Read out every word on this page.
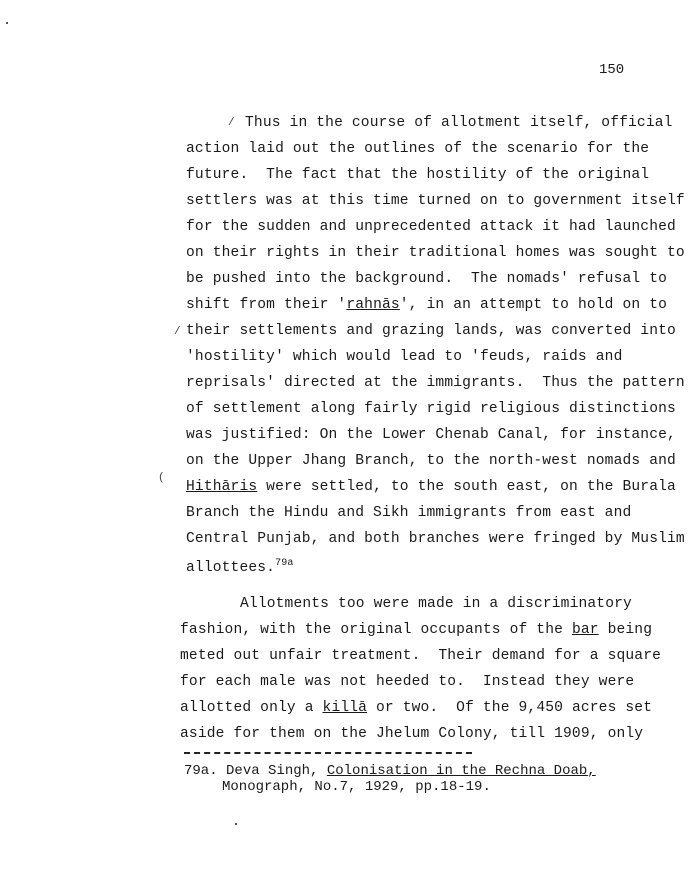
150
/
/
(
Thus in the course of allotment itself, official
action laid out the outlines of the scenario for the
future.  The fact that the hostility of the original
settlers was at this time turned on to government itself
for the sudden and unprecedented attack it had launched
on their rights in their traditional homes was sought to
be pushed into the background.  The nomads' refusal to
shift from their 'rahnās', in an attempt to hold on to
their settlements and grazing lands, was converted into
'hostility' which would lead to 'feuds, raids and
reprisals' directed at the immigrants.  Thus the pattern
of settlement along fairly rigid religious distinctions
was justified: On the Lower Chenab Canal, for instance,
on the Upper Jhang Branch, to the north-west nomads and
Hithāris were settled, to the south east, on the Burala
Branch the Hindu and Sikh immigrants from east and
Central Punjab, and both branches were fringed by Muslim
allottees.$^{79a}$
Allotments too were made in a discriminatory
fashion, with the original occupants of the bar being
meted out unfair treatment.  Their demand for a square
for each male was not heeded to.  Instead they were
allotted only a killā or two.  Of the 9,450 acres set
aside for them on the Jhelum Colony, till 1909, only
79a. Deva Singh, Colonisation in the Rechna Doab,
Monograph, No.7, 1929, pp.18-19.
